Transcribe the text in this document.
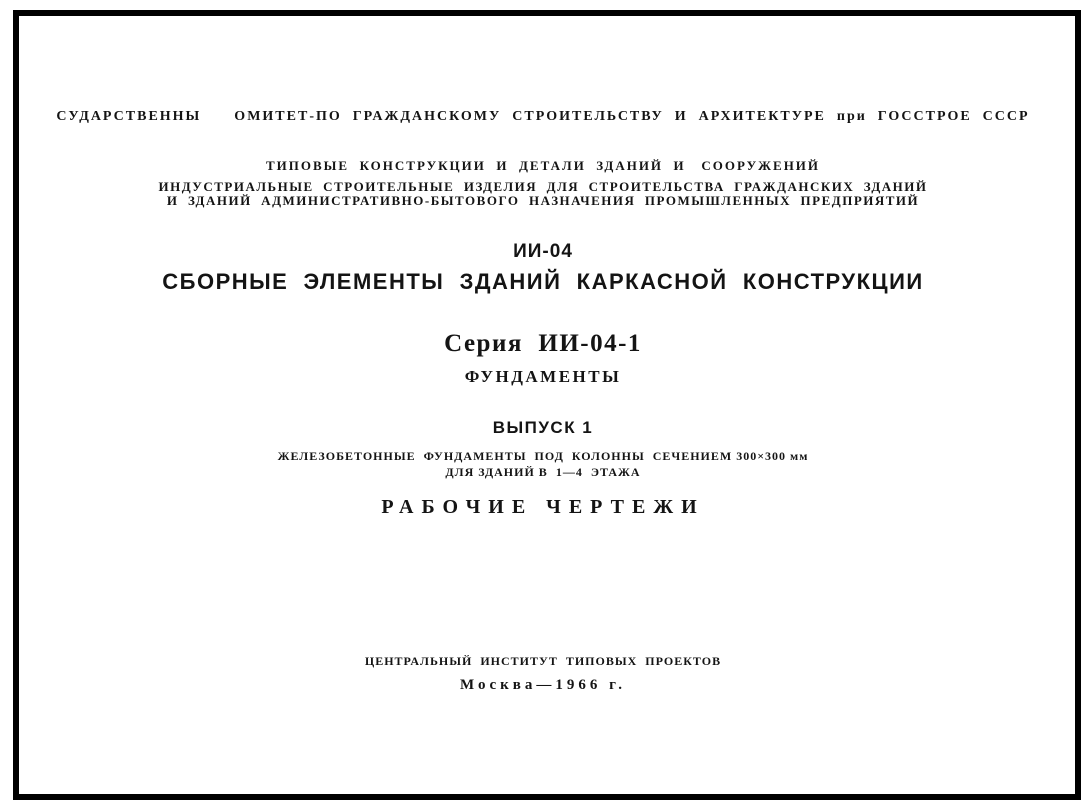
СУДАРСТВЕННЫ      ОМИТЕТ-ПО  ГРАЖДАНСКОМУ  СТРОИТЕЛЬСТВУ  И  АРХИТЕКТУРЕ  при  ГОССТРОЕ  СССР
ТИПОВЫЕ  КОНСТРУКЦИИ  И  ДЕТАЛИ  ЗДАНИЙ  И   СООРУЖЕНИЙ
ИНДУСТРИАЛЬНЫЕ  СТРОИТЕЛЬНЫЕ  ИЗДЕЛИЯ  ДЛЯ  СТРОИТЕЛЬСТВА  ГРАЖДАНСКИХ  ЗДАНИЙ
И  ЗДАНИЙ  АДМИНИСТРАТИВНО-БЫТОВОГО  НАЗНАЧЕНИЯ  ПРОМЫШЛЕННЫХ  ПРЕДПРИЯТИЙ
ИИ-04
СБОРНЫЕ  ЭЛЕМЕНТЫ  ЗДАНИЙ  КАРКАСНОЙ  КОНСТРУКЦИИ
Серия  ИИ-04-1
ФУНДАМЕНТЫ
ВЫПУСК 1
ЖЕЛЕЗОБЕТОННЫЕ  ФУНДАМЕНТЫ  ПОД  КОЛОННЫ  СЕЧЕНИЕМ 300×300 мм
ДЛЯ ЗДАНИЙ В  1—4  ЭТАЖА
РАБОЧИЕ ЧЕРТЕЖИ
ЦЕНТРАЛЬНЫЙ  ИНСТИТУТ  ТИПОВЫХ  ПРОЕКТОВ
Москва—1966 г.
